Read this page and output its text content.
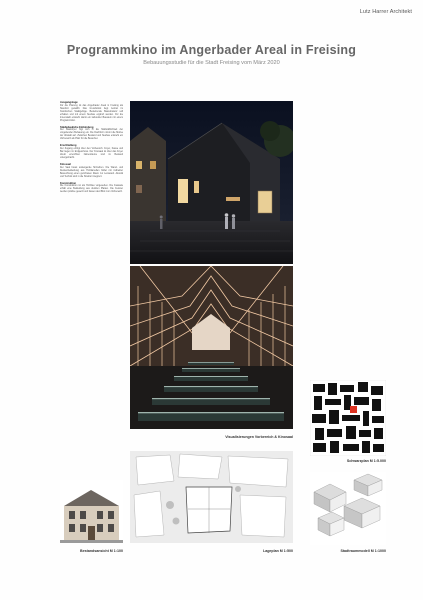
Lutz Harrer Architekt
Programmkino im Angerbader Areal in Freising
Bebauungsstudie für die Stadt Freising vom März 2020
Ausgangslage

Für die Planung ist das Angerbader Areal in Freising als Standort gewählt. Das Grundstück liegt zentral im historischen Stadtgefüge. Bestehende Bausubstanz soll erhalten und mit einem Neubau ergänzt werden. Für die Innenstadt entsteht damit ein kultureller Baustein mit einem Programmkino.

Städtebauliche Einbindung

Der Baukörper fügt sich in die Maßstäblichkeit der umgebenden Bebauung ein. Die Dachform nimmt die Motive der Altstadt auf. Zwischen Bestand und Neubau entsteht ein Vorbereich als Platz für die Besucher.

Erschließung

Der Zugang erfolgt über den Vorbereich. Foyer, Kasse und Bar liegen im Erdgeschoss. Der Kinosaal ist über das Foyer direkt erreichbar. Nebenräume sind im Bestand untergebracht.

Kinosaal

Der Saal bietet ansteigende Sitzreihen. Die Wand- und Deckenbekleidung aus Holzlamellen bildet mit indirekter Beleuchtung einen gerichteten Raum zur Leinwand. Akustik und Technik sind in die Struktur integriert.

Konstruktion

Die Konstruktion ist als Holzbau vorgesehen. Die Fassade erhält eine Bekleidung aus dunklen Platten. Die Fenster werden präzise gesetzt und fassen den Blick zum Vorbereich.

Visualisierungen Vorbereich & Kinosaal
Schwarzplan M 1:5.000
Bestandsansicht M 1:100	Lageplan M 1:500	Stadtraummodell M 1:1000
